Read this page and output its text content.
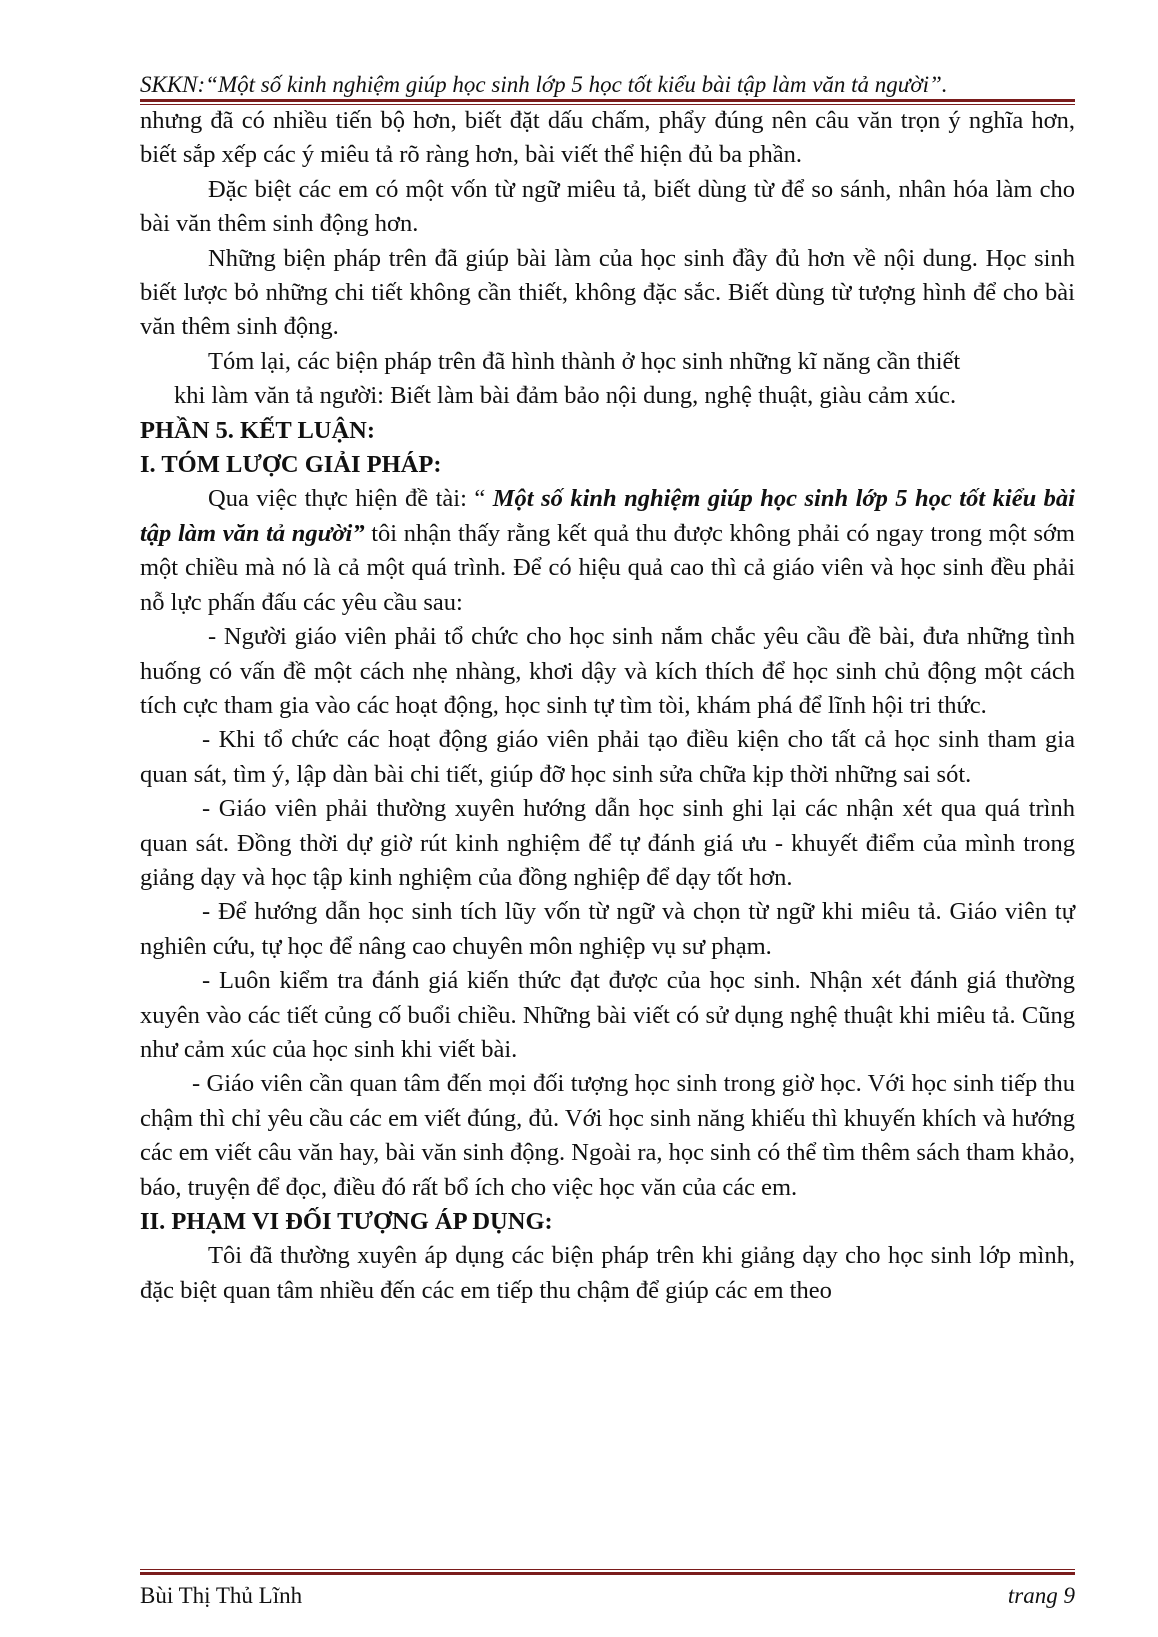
SKKN:“Một số kinh nghiệm giúp học sinh lớp 5 học tốt kiểu bài tập làm văn tả người”.

nhưng đã có nhiều tiến bộ hơn, biết đặt dấu chấm, phẩy đúng nên câu văn trọn ý nghĩa hơn, biết sắp xếp các ý miêu tả rõ ràng hơn, bài viết thể hiện đủ ba phần.

Đặc biệt các em có một vốn từ ngữ miêu tả, biết dùng từ để so sánh, nhân hóa làm cho bài văn thêm sinh động hơn.

Những biện pháp trên đã giúp bài làm của học sinh đầy đủ hơn về nội dung. Học sinh biết lược bỏ những chi tiết không cần thiết, không đặc sắc. Biết dùng từ tượng hình để cho bài văn thêm sinh động.

Tóm lại, các biện pháp trên đã hình thành ở học sinh những kĩ năng cần thiết

khi làm văn tả người: Biết làm bài đảm bảo nội dung, nghệ thuật, giàu cảm xúc.

PHẦN 5. KẾT LUẬN:

I. TÓM LƯỢC GIẢI PHÁP:

Qua việc thực hiện đề tài: “ Một số kinh nghiệm giúp học sinh lớp 5 học tốt kiểu bài tập làm văn tả người” tôi nhận thấy rằng kết quả thu được không phải có ngay trong một sớm một chiều mà nó là cả một quá trình. Để có hiệu quả cao thì cả giáo viên và học sinh đều phải nỗ lực phấn đấu các yêu cầu sau:

- Người giáo viên phải tổ chức cho học sinh nắm chắc yêu cầu đề bài, đưa những tình huống có vấn đề một cách nhẹ nhàng, khơi dậy và kích thích để học sinh chủ động một cách tích cực tham gia vào các hoạt động, học sinh tự tìm tòi, khám phá để lĩnh hội tri thức.

- Khi tổ chức các hoạt động giáo viên phải tạo điều kiện cho tất cả học sinh tham gia quan sát, tìm ý, lập dàn bài chi tiết, giúp đỡ học sinh sửa chữa kịp thời những sai sót.

- Giáo viên phải thường xuyên hướng dẫn học sinh ghi lại các nhận xét qua quá trình quan sát. Đồng thời dự giờ rút kinh nghiệm để tự đánh giá ưu - khuyết điểm của mình trong giảng dạy và học tập kinh nghiệm của đồng nghiệp để dạy tốt hơn.

- Để hướng dẫn học sinh tích lũy vốn từ ngữ và chọn từ ngữ khi miêu tả. Giáo viên tự nghiên cứu, tự học để nâng cao chuyên môn nghiệp vụ sư phạm.

- Luôn kiểm tra đánh giá kiến thức đạt được của học sinh. Nhận xét đánh giá thường xuyên vào các tiết củng cố buổi chiều. Những bài viết có sử dụng nghệ thuật khi miêu tả. Cũng như cảm xúc của học sinh khi viết bài.

- Giáo viên cần quan tâm đến mọi đối tượng học sinh trong giờ học. Với học sinh tiếp thu chậm thì chỉ yêu cầu các em viết đúng, đủ. Với học sinh năng khiếu thì khuyến khích và hướng các em viết câu văn hay, bài văn sinh động. Ngoài ra, học sinh có thể tìm thêm sách tham khảo, báo, truyện để đọc, điều đó rất bổ ích cho việc học văn của các em.

II. PHẠM VI ĐỐI TƯỢNG ÁP DỤNG:

Tôi đã thường xuyên áp dụng các biện pháp trên khi giảng dạy cho học sinh lớp mình, đặc biệt quan tâm nhiều đến các em tiếp thu chậm để giúp các em theo

Bùi Thị Thủ Lĩnh	trang 9
